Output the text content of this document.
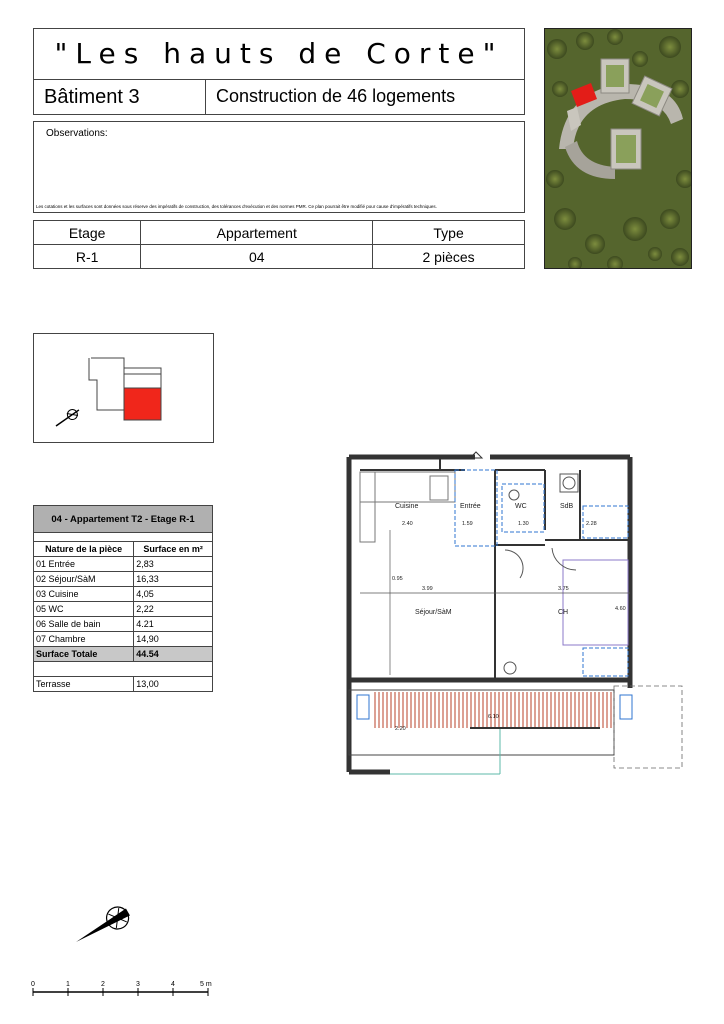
"Les hauts de Corte"
Bâtiment 3	Construction de 46 logements
Observations:
Les cotations et les surfaces sont données sous réserve des impératifs de construction, des tolérances d'exécution et des normes PMR. Ce plan pourrait être modifié pour cause d'impératifs techniques.
Etage	Appartement	Type
R-1	04	2 pièces
04 - Appartement T2 - Etage R-1	

Nature de la pièce	Surface en m²
01 Entrée	2,83
02 Séjour/SàM	16,33
03 Cuisine	4,05
05 WC	2,22
06 Salle de bain	4.21
07 Chambre	14,90
Surface Totale	44.54

Terrasse	13,00
Cuisine	Entrée	WC	SdB
Séjour/SàM	CH
2.40	1.59	1.30	2.28
3.99	3.75
0.95
4.60
6.10
2.20
0	1	2	3	4	5 m
